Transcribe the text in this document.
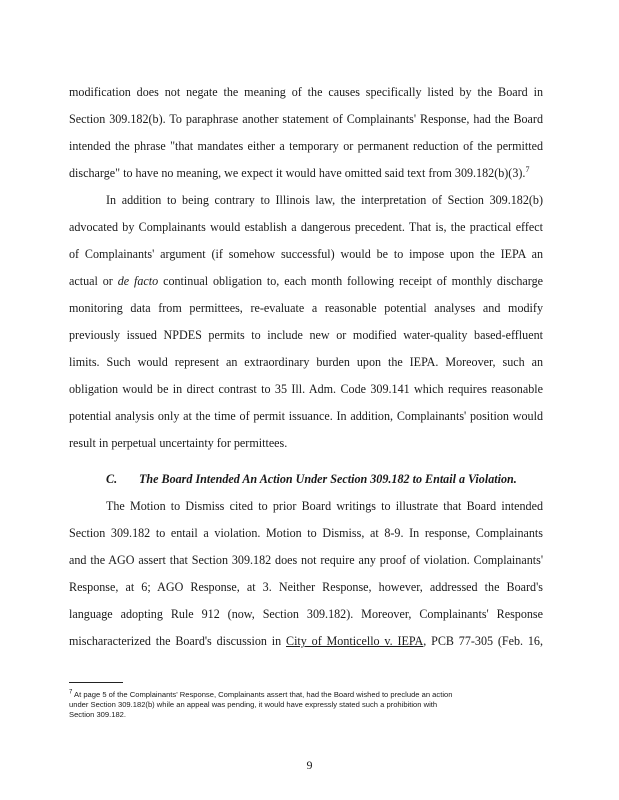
modification does not negate the meaning of the causes specifically listed by the Board in
Section 309.182(b). To paraphrase another statement of Complainants' Response, had the Board
intended the phrase "that mandates either a temporary or permanent reduction of the permitted
discharge" to have no meaning, we expect it would have omitted said text from 309.182(b)(3).$^7$
In addition to being contrary to Illinois law, the interpretation of Section 309.182(b)
advocated by Complainants would establish a dangerous precedent. That is, the practical effect
of Complainants' argument (if somehow successful) would be to impose upon the IEPA an
actual or de facto continual obligation to, each month following receipt of monthly discharge
monitoring data from permittees, re-evaluate a reasonable potential analyses and modify
previously issued NPDES permits to include new or modified water-quality based-effluent
limits. Such would represent an extraordinary burden upon the IEPA. Moreover, such an
obligation would be in direct contrast to 35 Ill. Adm. Code 309.141 which requires reasonable
potential analysis only at the time of permit issuance. In addition, Complainants' position would
result in perpetual uncertainty for permittees.
C. The Board Intended An Action Under Section 309.182 to Entail a Violation.
The Motion to Dismiss cited to prior Board writings to illustrate that Board intended
Section 309.182 to entail a violation. Motion to Dismiss, at 8-9. In response, Complainants
and the AGO assert that Section 309.182 does not require any proof of violation. Complainants'
Response, at 6; AGO Response, at 3. Neither Response, however, addressed the Board's
language adopting Rule 912 (now, Section 309.182). Moreover, Complainants' Response
mischaracterized the Board's discussion in City of Monticello v. IEPA, PCB 77-305 (Feb. 16,
$^7$ At page 5 of the Complainants' Response, Complainants assert that, had the Board wished to preclude an action
under Section 309.182(b) while an appeal was pending, it would have expressly stated such a prohibition with
Section 309.182.
9
